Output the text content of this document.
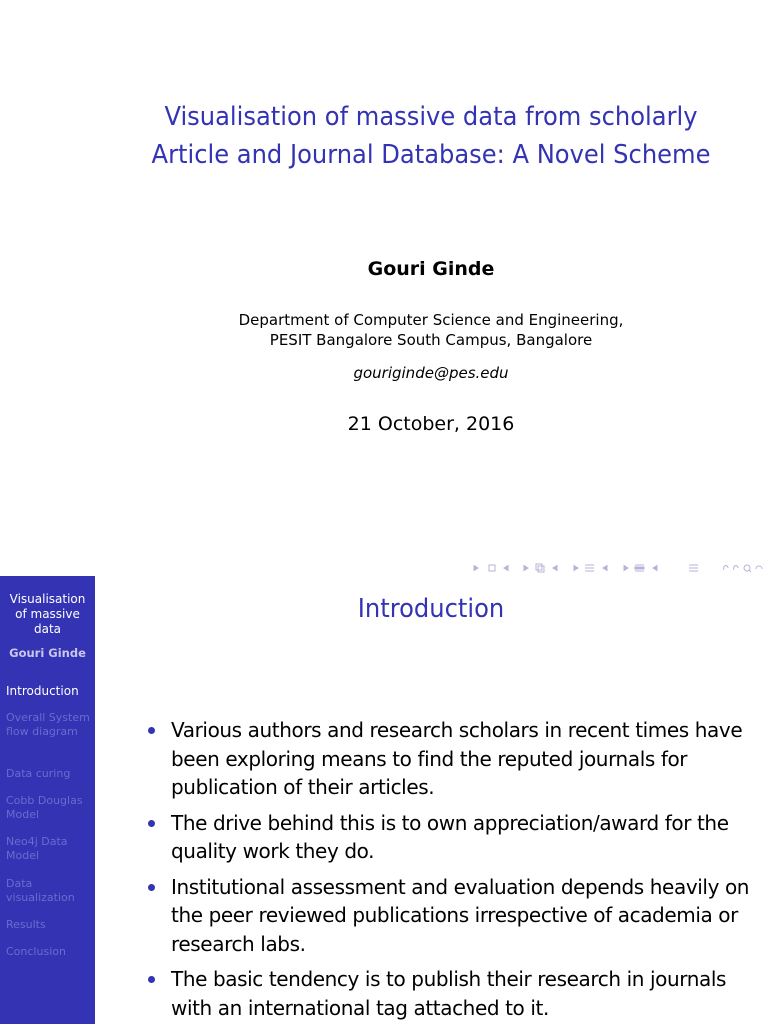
Visualisation of massive data from scholarly Article and Journal Database: A Novel Scheme
Gouri Ginde
Department of Computer Science and Engineering,
PESIT Bangalore South Campus, Bangalore
gouriginde@pes.edu
21 October, 2016
Visualisation of massive data
Gouri Ginde
Introduction
Overall System flow diagram
Data curing
Cobb Douglas Model
Neo4j Data Model
Data visualization
Results
Conclusion
Introduction
Various authors and research scholars in recent times have been exploring means to find the reputed journals for publication of their articles.
The drive behind this is to own appreciation/award for the quality work they do.
Institutional assessment and evaluation depends heavily on the peer reviewed publications irrespective of academia or research labs.
The basic tendency is to publish their research in journals with an international tag attached to it.
